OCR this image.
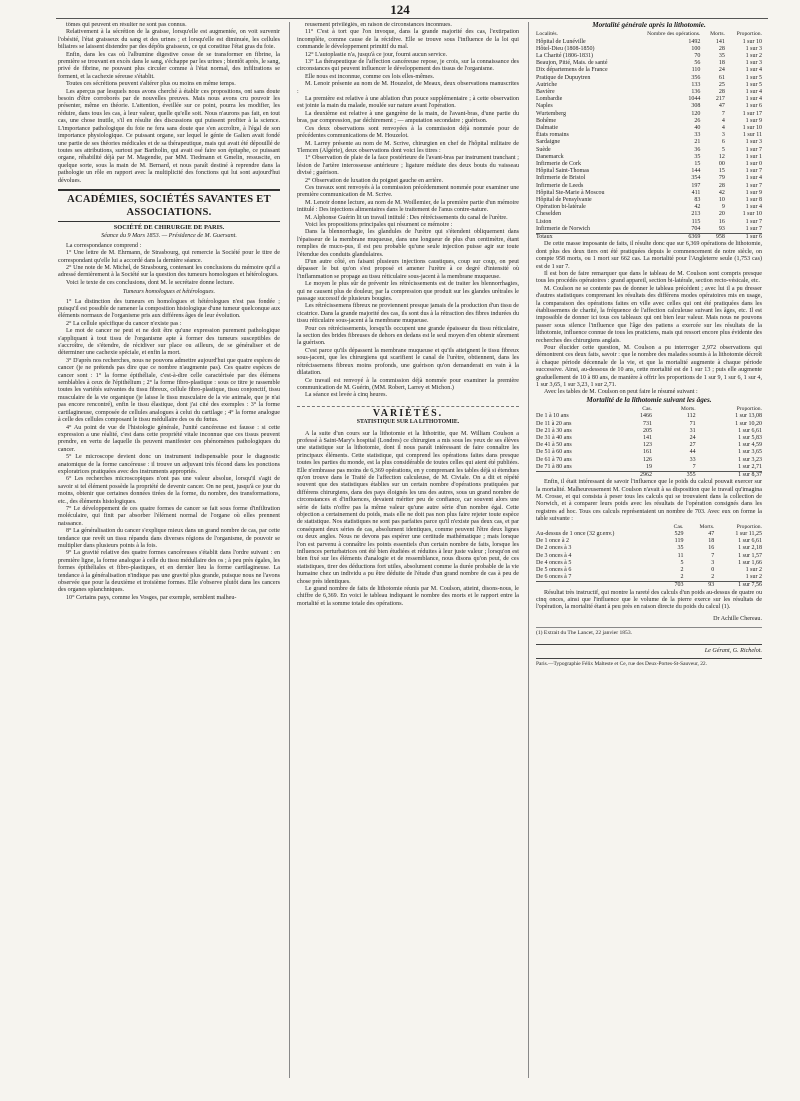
124

tômes qui peuvent en résulter ne sont pas connus.

Relativement à la sécrétion de la graisse, lorsqu'elle est augmentée, on voit survenir l'obésité, l'état graisseux du sang et des urines ; et lorsqu'elle est diminuée, les cellules biliaires se laissent distendre par des dépôts graisseux, ce qui constitue l'état gras du foie.

Enfin, dans les cas où l'albumine digestive cesse de se transformer en fibrine, la première se trouvant en excès dans le sang, s'échappe par les urines ; bientôt après, le sang, privé de fibrine, ne pouvant plus circuler comme à l'état normal, des infiltrations se forment, et la cachexie séreuse s'établit.

Toutes ces sécrétions peuvent s'altérer plus ou moins en même temps.

Les aperçus par lesquels nous avons cherché à établir ces propositions, ont sans doute besoin d'être corroborés par de nouvelles preuves. Mais nous avons cru pouvoir les présenter, même en théorie. L'attention, éveillée sur ce point, pourra les modifier, les réduire, dans tous les cas, à leur valeur, quelle qu'elle soit. Nous n'aurons pas fait, en tout cas, une chose inutile, s'il en résulte des discussions qui puissent profiter à la science. L'importance pathologique du foie ne fera sans doute que s'en accroître, à l'égal de son importance physiologique. Ce puissant organe, sur lequel le génie de Galien avait fondé une partie de ses théories médicales et de sa thérapeutique, mais qui avait été dépouillé de toutes ses attributions, surtout par Bartholin, qui avait osé faire son épitaphe, ce puissant organe, réhabilité déjà par M. Magendie, par MM. Tiedmann et Gmelin, ressuscite, en quelque sorte, sous la main de M. Bernard, et nous paraît destiné à reprendre dans la pathologie un rôle en rapport avec la multiplicité des fonctions qui lui sont aujourd'hui dévolues.

ACADÉMIES, SOCIÉTÉS SAVANTES ET ASSOCIATIONS.
SOCIÉTÉ DE CHIRURGIE DE PARIS.
Séance du 9 Mars 1853. — Présidence de M. Guersant.

La correspondance comprend :

1° Une lettre de M. Ehrmann, de Strasbourg, qui remercie la Société pour le titre de correspondant qu'elle lui a accordé dans la dernière séance.

2° Une note de M. Michel, de Strasbourg, contenant les conclusions du mémoire qu'il a adressé dernièrement à la Société sur la question des tumeurs homologues et hétérologues.

Voici le texte de ces conclusions, dont M. le secrétaire donne lecture.

Tumeurs homologues et hétérologues.

1° La distinction des tumeurs en homologues et hétérologues n'est pas fondée ; puisqu'il est possible de ramener la composition histologique d'une tumeur quelconque aux éléments normaux de l'organisme pris aux différens âges de leur évolution.

2° La cellule spécifique du cancer n'existe pas :

Le mot de cancer ne peut et ne doit être qu'une expression purement pathologique s'appliquant à tout tissu de l'organisme apte à former des tumeurs susceptibles de s'accroître, de s'étendre, de récidiver sur place ou ailleurs, de se généraliser et de déterminer une cachexie spéciale, et enfin la mort.

3° D'après nos recherches, nous ne pouvons admettre aujourd'hui que quatre espèces de cancer (je ne prétends pas dire que ce nombre n'augmente pas). Ces quatre espèces de cancer sont : 1° la forme épithéliale, c'est-à-dire celle caractérisée par des élémens semblables à ceux de l'épithélium ; 2° la forme fibro-plastique : sous ce titre je rassemble toutes les variétés suivantes du tissu fibreux, cellule fibro-plastique, tissu conjonctif, tissu musculaire de la vie organique (je laisse le tissu musculaire de la vie animale, que je n'ai pas encore rencontré), enfin le tissu élastique, dont j'ai cité des exemples : 3° la forme cartilagineuse, composée de cellules analogues à celui du cartilage ; 4° la forme analogue à celle des cellules composant le tissu médullaire des os du fœtus.

4° Au point de vue de l'histologie générale, l'unité cancéreuse est fausse : si cette expression a une réalité, c'est dans cette propriété vitale inconnue que ces tissus peuvent prendre, en vertu de laquelle ils peuvent manifester ces phénomènes pathologiques du cancer.

5° Le microscope devient donc un instrument indispensable pour le diagnostic anatomique de la forme cancéreuse : il trouve un adjuvant très fécond dans les ponctions exploratrices pratiquées avec des instruments appropriés.

6° Les recherches microscopiques n'ont pas une valeur absolue, lorsqu'il s'agit de savoir si tel élément possède la propriété de devenir cancer. On ne peut, jusqu'à ce jour du moins, obtenir que certaines données tirées de la forme, du nombre, des transformations, etc., des éléments histologiques.

7° Le développement de ces quatre formes de cancer se fait sous forme d'infiltration moléculaire, qui finit par absorber l'élément normal de l'organe où elles prennent naissance.

8° La généralisation du cancer s'explique mieux dans un grand nombre de cas, par cette tendance que revêt un tissu répandu dans diverses régions de l'organisme, de pouvoir se multiplier dans plusieurs points à la fois.

9° La gravité relative des quatre formes cancéreuses s'établit dans l'ordre suivant : en première ligne, la forme analogue à celle du tissu médullaire des os ; à peu près égales, les formes épithéliales et fibro-plastiques, et en dernier lieu la forme cartilagineuse. La tendance à la généralisation n'indique pas une gravité plus grande, puisque nous ne l'avons observée que pour la deuxième et troisième formes. Elle s'observe plutôt dans les cancers des organes splanchniques.

10° Certains pays, comme les Vosges, par exemple, semblent malheu-

reusement privilégiés, en raison de circonstances inconnues.

11° C'est à tort que l'on invoque, dans la grande majorité des cas, l'extirpation incomplète, comme cause de la récidive. Elle se trouve sous l'influence de la loi qui commande le développement primitif du mal.

12° L'autoplastie n'a, jusqu'à ce jour, fourni aucun service.

13° La thérapeutique de l'affection cancéreuse repose, je crois, sur la connaissance des circonstances qui peuvent influencer le développement des tissus de l'organisme.

Elle nous est inconnue, comme ces lois elles-mêmes.

M. Lenoir présente au nom de M. Houzelot, de Meaux, deux observations manuscrites :

La première est relative à une ablation d'un pouce supplémentaire ; à cette observation est jointe la main du malade, moulée sur nature avant l'opération.

La deuxième est relative à une gangrène de la main, de l'avant-bras, d'une partie du bras, par compression, par déchirement ; — amputation secondaire ; guérison.

Ces deux observations sont renvoyées à la commission déjà nommée pour de précédentes communications de M. Houzelot.

M. Larrey présente au nom de M. Scrive, chirurgien en chef de l'hôpital militaire de Tlemcen (Algérie), deux observations dont voici les titres :

1° Observation de plaie de la face postérieure de l'avant-bras par instrument tranchant ; lésion de l'artère interosseuse antérieure ; ligature médiate des deux bouts du vaisseau divisé ; guérison.

2° Observation de luxation du poignet gauche en arrière.

Ces travaux sont renvoyés à la commission précédemment nommée pour examiner une première communication de M. Scrive.

M. Lenoir donne lecture, au nom de M. Woillemier, de la première partie d'un mémoire intitulé : Des injections alimentaires dans le traitement de l'anus contre-nature.

M. Alphonse Guérin lit un travail intitulé : Des rétrécissements du canal de l'urètre.

Voici les propositions principales qui résument ce mémoire :

Dans la blennorrhagie, les glandules de l'urètre qui s'étendent obliquement dans l'épaisseur de la membrane muqueuse, dans une longueur de plus d'un centimètre, étant remplies de muco-pus, il est peu probable qu'une seule injection puisse agir sur toute l'étendue des conduits glandulaires.

D'un autre côté, en faisant plusieurs injections caustiques, coup sur coup, on peut dépasser le but qu'on s'est proposé et amener l'urètre à ce degré d'intensité où l'inflammation se propage au tissu réticulaire sous-jacent à la membrane muqueuse.

Le moyen le plus sûr de prévenir les rétrécissements est de traiter les blennorrhagies, qui ne causent plus de douleur, par la compression que produit sur les glandes urétrales le passage successif de plusieurs bougies.

Les rétrécissemens fibreux ne proviennent presque jamais de la production d'un tissu de cicatrice. Dans la grande majorité des cas, ils sont dus à la rétraction des fibres indurées du tissu réticulaire sous-jacent à la membrane muqueuse.

Pour ces rétrécissements, lorsqu'ils occupent une grande épaisseur du tissu réticulaire, la section des brides fibreuses de dehors en dedans est le seul moyen d'en obtenir sûrement la guérison.

C'est parce qu'ils dépassent la membrane muqueuse et qu'ils atteignent le tissu fibreux sous-jacent, que les chirurgiens qui scarifient le canal de l'urètre, obtiennent, dans les rétrécissemens fibreux moins profonds, une guérison qu'on demanderait en vain à la dilatation.

Ce travail est renvoyé à la commission déjà nommée pour examiner la première communication de M. Guérin, (MM. Robert, Larrey et Michon.)

La séance est levée à cinq heures.

VARIÉTÉS.
STATISTIQUE SUR LA LITHOTOMIE.

A la suite d'un cours sur la lithotomie et la lithotritie, que M. William Coulson a professé à Saint-Mary's hospital (Londres) ce chirurgien a mis sous les yeux de ses élèves une statistique sur la lithotomie, dont il nous paraît intéressant de faire connaître les principaux éléments. Cette statistique, qui comprend les opérations faites dans presque toutes les parties du monde, est la plus considérable de toutes celles qui aient été publiées. Elle n'embrasse pas moins de 6,369 opérations, en y comprenant les tables déjà si étendues qu'on trouve dans le Traité de l'affection calculeuse, de M. Civiale. On a dit et répété souvent que des statistiques établies sur un certain nombre d'opérations pratiquées par différens chirurgiens, dans des pays éloignés les uns des autres, sous un grand nombre de circonstances et d'influences, devaient mériter peu de confiance, car souvent alors une série de faits n'offre pas la même valeur qu'une autre série d'un nombre égal. Cette objection a certainement du poids, mais elle ne doit pas non plus faire rejeter toute espèce de statistique. Nos statistiques ne sont pas parfaites parce qu'il n'existe pas deux cas, et par conséquent deux séries de cas, absolument identiques, comme peuvent l'être deux lignes ou deux angles. Nous ne devons pas espérer une certitude mathématique ; mais lorsque l'on est parvenu à connaître les points essentiels d'un certain nombre de faits, lorsque les influences perturbatrices ont été bien étudiées et réduites à leur juste valeur ; lorsqu'on est bien fixé sur les éléments d'analogie et de ressemblance, nous disons qu'on peut, de ces statistiques, tirer des déductions fort utiles, absolument comme la durée probable de la vie humaine chez un individu a pu être déduite de l'étude d'un grand nombre de cas à peu de chose près identiques.

Le grand nombre de faits de lithotomie réunis par M. Coulson, atteint, disons-nous, le chiffre de 6,369. En voici le tableau indiquant le nombre des morts et le rapport entre la mortalité et la somme totale des opérations.

Mortalité générale après la lithotomie.
Localités.	Nombre des opérations.	Morts.	Proportion.
Hôpital de Lunéville	1492	141	1 sur 10
Hôtel-Dieu (1808-1850)	100	28	1 sur 3
La Charité (1806-1831)	70	35	1 sur 2
Beaujon, Pitié, Mais. de santé	56	18	1 sur 3
Dix départemens de la France	110	24	1 sur 4
Pratique de Dupuytren	356	61	1 sur 5
Autriche	133	25	1 sur 5
Bavière	136	28	1 sur 4
Lombardie	1044	217	1 sur 4
Naples	308	47	1 sur 6
Wurtemberg	120	7	1 sur 17
Bohême	26	4	1 sur 9
Dalmatie	40	4	1 sur 10
États romains	33	3	1 sur 11
Sardaigne	21	6	1 sur 3
Suède	36	5	1 sur 7
Danemarck	35	12	1 sur 1
Infirmerie de Cork	15	00	1 sur 0
Hôpital Saint-Thomas	144	15	1 sur 7
Infirmerie de Bristol	354	79	1 sur 4
Infirmerie de Leeds	197	28	1 sur 7
Hôpital Ste-Marie à Moscou	411	42	1 sur 9
Hôpital de Pensylvanie	83	10	1 sur 8
Opération bi-latérale	42	9	1 sur 4
Cheselden	213	20	1 sur 10
Liston	115	16	1 sur 7
Infirmerie de Norwich	704	93	1 sur 7
Totaux	6369	958	1 sur 6

De cette masse imposante de faits, il résulte donc que sur 6,369 opérations de lithotomie, dont plus des deux tiers ont été pratiquées depuis le commencement de notre siècle, on compte 958 morts, ou 1 mort sur 662 cas. La mortalité pour l'Angleterre seule (1,753 cas) est de 1 sur 7.

Il est bon de faire remarquer que dans le tableau de M. Coulson sont compris presque tous les procédés opératoires : grand appareil, section bi-latérale, section recto-vésicale, etc.

M. Coulson ne se contente pas de donner le tableau précédent ; avec lui il a pu dresser d'autres statistiques comprenant les résultats des différens modes opératoires mis en usage, la comparaison des opérations faites en ville avec celles qui ont été pratiquées dans les établissemens de charité, la fréquence de l'affection calculeuse suivant les âges, etc. Il est impossible de donner ici tous ces tableaux qui ont bien leur valeur. Mais nous ne pouvons passer sous silence l'influence que l'âge des patiens a exercée sur les résultats de la lithotomie, influence connue de tous les praticiens, mais qui ressort encore plus évidente des recherches des chirurgiens anglais.

Pour élucider cette question, M. Coulson a pu interroger 2,972 observations qui démontrent ces deux faits, savoir : que le nombre des malades soumis à la lithotomie décroît à chaque période décennale de la vie, et que la mortalité augmente à chaque période successive. Ainsi, au-dessous de 10 ans, cette mortalité est de 1 sur 13 ; puis elle augmente graduellement de 10 à 80 ans, de manière à offrir les proportions de 1 sur 9, 1 sur 6, 1 sur 4, 1 sur 3,65, 1 sur 3,23, 1 sur 2,71.

Avec les tables de M. Coulson on peut faire le résumé suivant :

Mortalité de la lithotomie suivant les âges.
	Cas.	Morts.	Proportion.
De 1 à 10 ans	1466	112	1 sur 13,08
De 11 à 20 ans	731	71	1 sur 10,20
De 21 à 30 ans	205	31	1 sur 6,61
De 31 à 40 ans	141	24	1 sur 5,83
De 41 à 50 ans	123	27	1 sur 4,59
De 51 à 60 ans	161	44	1 sur 3,65
De 61 à 70 ans	126	33	1 sur 3,23
De 71 à 80 ans	19	7	1 sur 2,71
	2962	355	1 sur 8,37

Enfin, il était intéressant de savoir l'influence que le poids du calcul pouvait exercer sur la mortalité. Malheureusement M. Coulson n'avait à sa disposition que le travail qu'imagina M. Crosse, et qui consista à peser tous les calculs qui se trouvaient dans la collection de Norwich, et à comparer leurs poids avec les résultats de l'opération consignés dans les registres ad hoc. Tous ces calculs représentaient un nombre de 703. Avec eux on forme la table suivante :

	Cas.	Morts.	Proportion.
Au-dessus de 1 once (32 gr.env.)	529	47	1 sur 11,25
De 1 once à 2	119	18	1 sur 6,61
De 2 onces à 3	35	16	1 sur 2,18
De 3 onces à 4	11	7	1 sur 1,57
De 4 onces à 5	5	3	1 sur 1,66
De 5 onces à 6	2	0	1 sur 2
De 6 onces à 7	2	2	1 sur 2
	703	93	1 sur 7,56

Résultat très instructif, qui montre la rareté des calculs d'un poids au-dessus de quatre ou cinq onces, ainsi que l'influence que le volume de la pierre exerce sur les résultats de l'opération, la mortalité étant à peu près en raison directe du poids du calcul (1).

Dr Achille Chereau.
(1) Extrait du The Lancet, 22 janvier 1853.
Le Gérant, G. Richelot.
Paris.—Typographie Félix Malteste et Ce, rue des Deux-Portes-St-Sauveur, 22.
